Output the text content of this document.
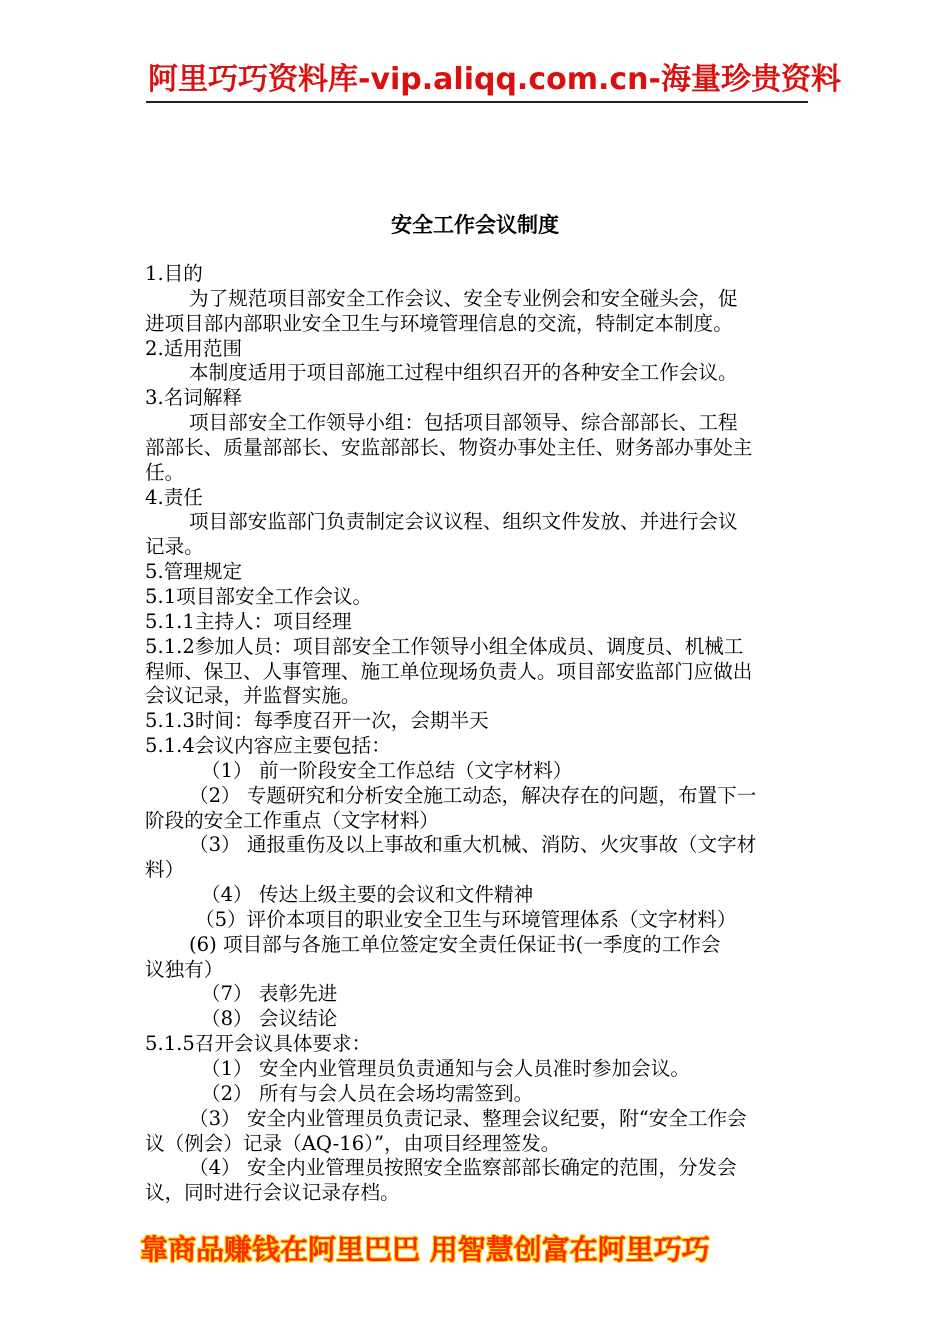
阿里巧巧资料库-vip.aliqq.com.cn-海量珍贵资料
安全工作会议制度
1.目的
为了规范项目部安全工作会议、安全专业例会和安全碰头会，促
进项目部内部职业安全卫生与环境管理信息的交流，特制定本制度。
2.适用范围
本制度适用于项目部施工过程中组织召开的各种安全工作会议。
3.名词解释
项目部安全工作领导小组：包括项目部领导、综合部部长、工程
部部长、质量部部长、安监部部长、物资办事处主任、财务部办事处主
任。
4.责任
项目部安监部门负责制定会议议程、组织文件发放、并进行会议
记录。
5.管理规定
5.1项目部安全工作会议。
5.1.1主持人：项目经理
5.1.2参加人员：项目部安全工作领导小组全体成员、调度员、机械工
程师、保卫、人事管理、施工单位现场负责人。项目部安监部门应做出
会议记录，并监督实施。
5.1.3时间：每季度召开一次，会期半天
5.1.4会议内容应主要包括：
（1） 前一阶段安全工作总结（文字材料）
（2） 专题研究和分析安全施工动态，解决存在的问题，布置下一
阶段的安全工作重点（文字材料）
（3） 通报重伤及以上事故和重大机械、消防、火灾事故（文字材
料）
（4） 传达上级主要的会议和文件精神
（5）评价本项目的职业安全卫生与环境管理体系（文字材料）
(6) 项目部与各施工单位签定安全责任保证书(一季度的工作会
议独有）
（7） 表彰先进
（8） 会议结论
5.1.5召开会议具体要求：
（1） 安全内业管理员负责通知与会人员准时参加会议。
（2） 所有与会人员在会场均需签到。
（3） 安全内业管理员负责记录、整理会议纪要，附“安全工作会
议（例会）记录（AQ-16）”，由项目经理签发。
（4） 安全内业管理员按照安全监察部部长确定的范围，分发会
议，同时进行会议记录存档。
靠商品赚钱在阿里巴巴 用智慧创富在阿里巧巧
